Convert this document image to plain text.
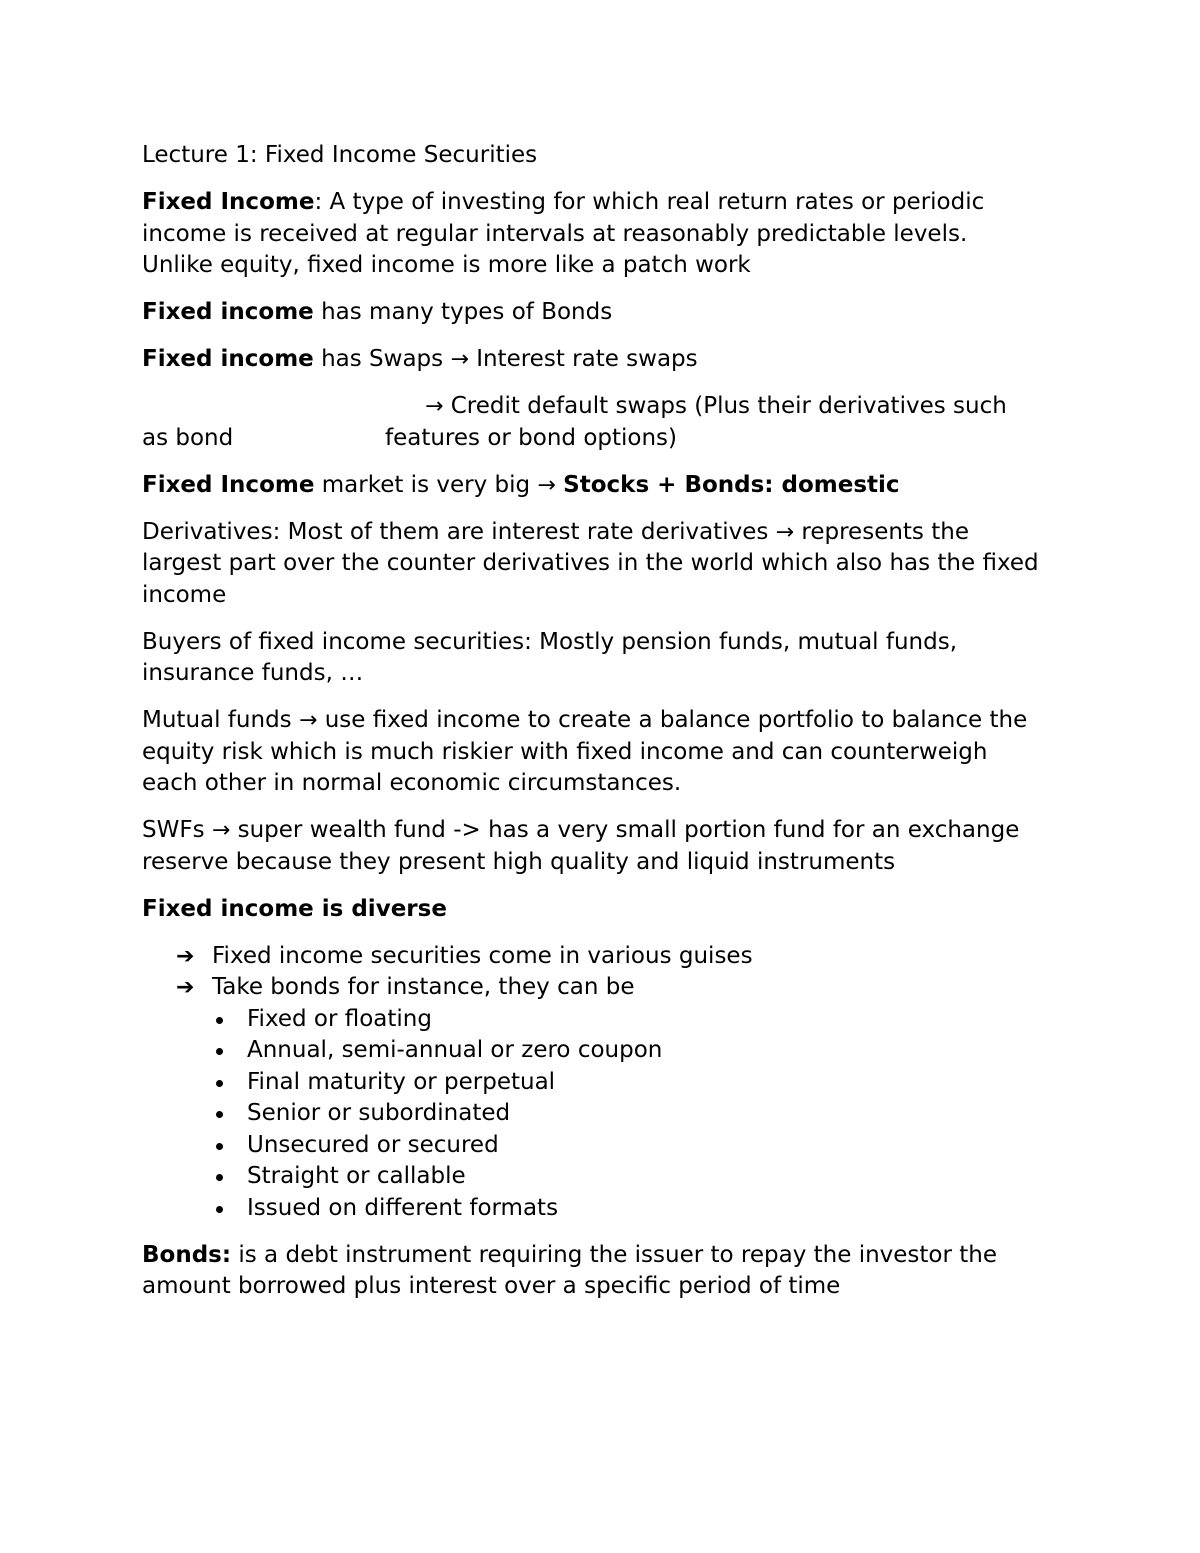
Lecture 1: Fixed Income Securities

Fixed Income: A type of investing for which real return rates or periodic income is received at regular intervals at reasonably predictable levels. Unlike equity, fixed income is more like a patch work

Fixed income has many types of Bonds

Fixed income has Swaps → Interest rate swaps

→ Credit default swaps (Plus their derivatives such
as bond	features or bond options)

Fixed Income market is very big → Stocks + Bonds: domestic

Derivatives: Most of them are interest rate derivatives → represents the largest part over the counter derivatives in the world which also has the fixed income

Buyers of fixed income securities: Mostly pension funds, mutual funds, insurance funds, …

Mutual funds → use fixed income to create a balance portfolio to balance the equity risk which is much riskier with fixed income and can counterweigh each other in normal economic circumstances.

SWFs → super wealth fund -> has a very small portion fund for an exchange reserve because they present high quality and liquid instruments

Fixed income is diverse

➔ Fixed income securities come in various guises
➔ Take bonds for instance, they can be
Fixed or floating
Annual, semi-annual or zero coupon
Final maturity or perpetual
Senior or subordinated
Unsecured or secured
Straight or callable
Issued on different formats

Bonds: is a debt instrument requiring the issuer to repay the investor the amount borrowed plus interest over a specific period of time
